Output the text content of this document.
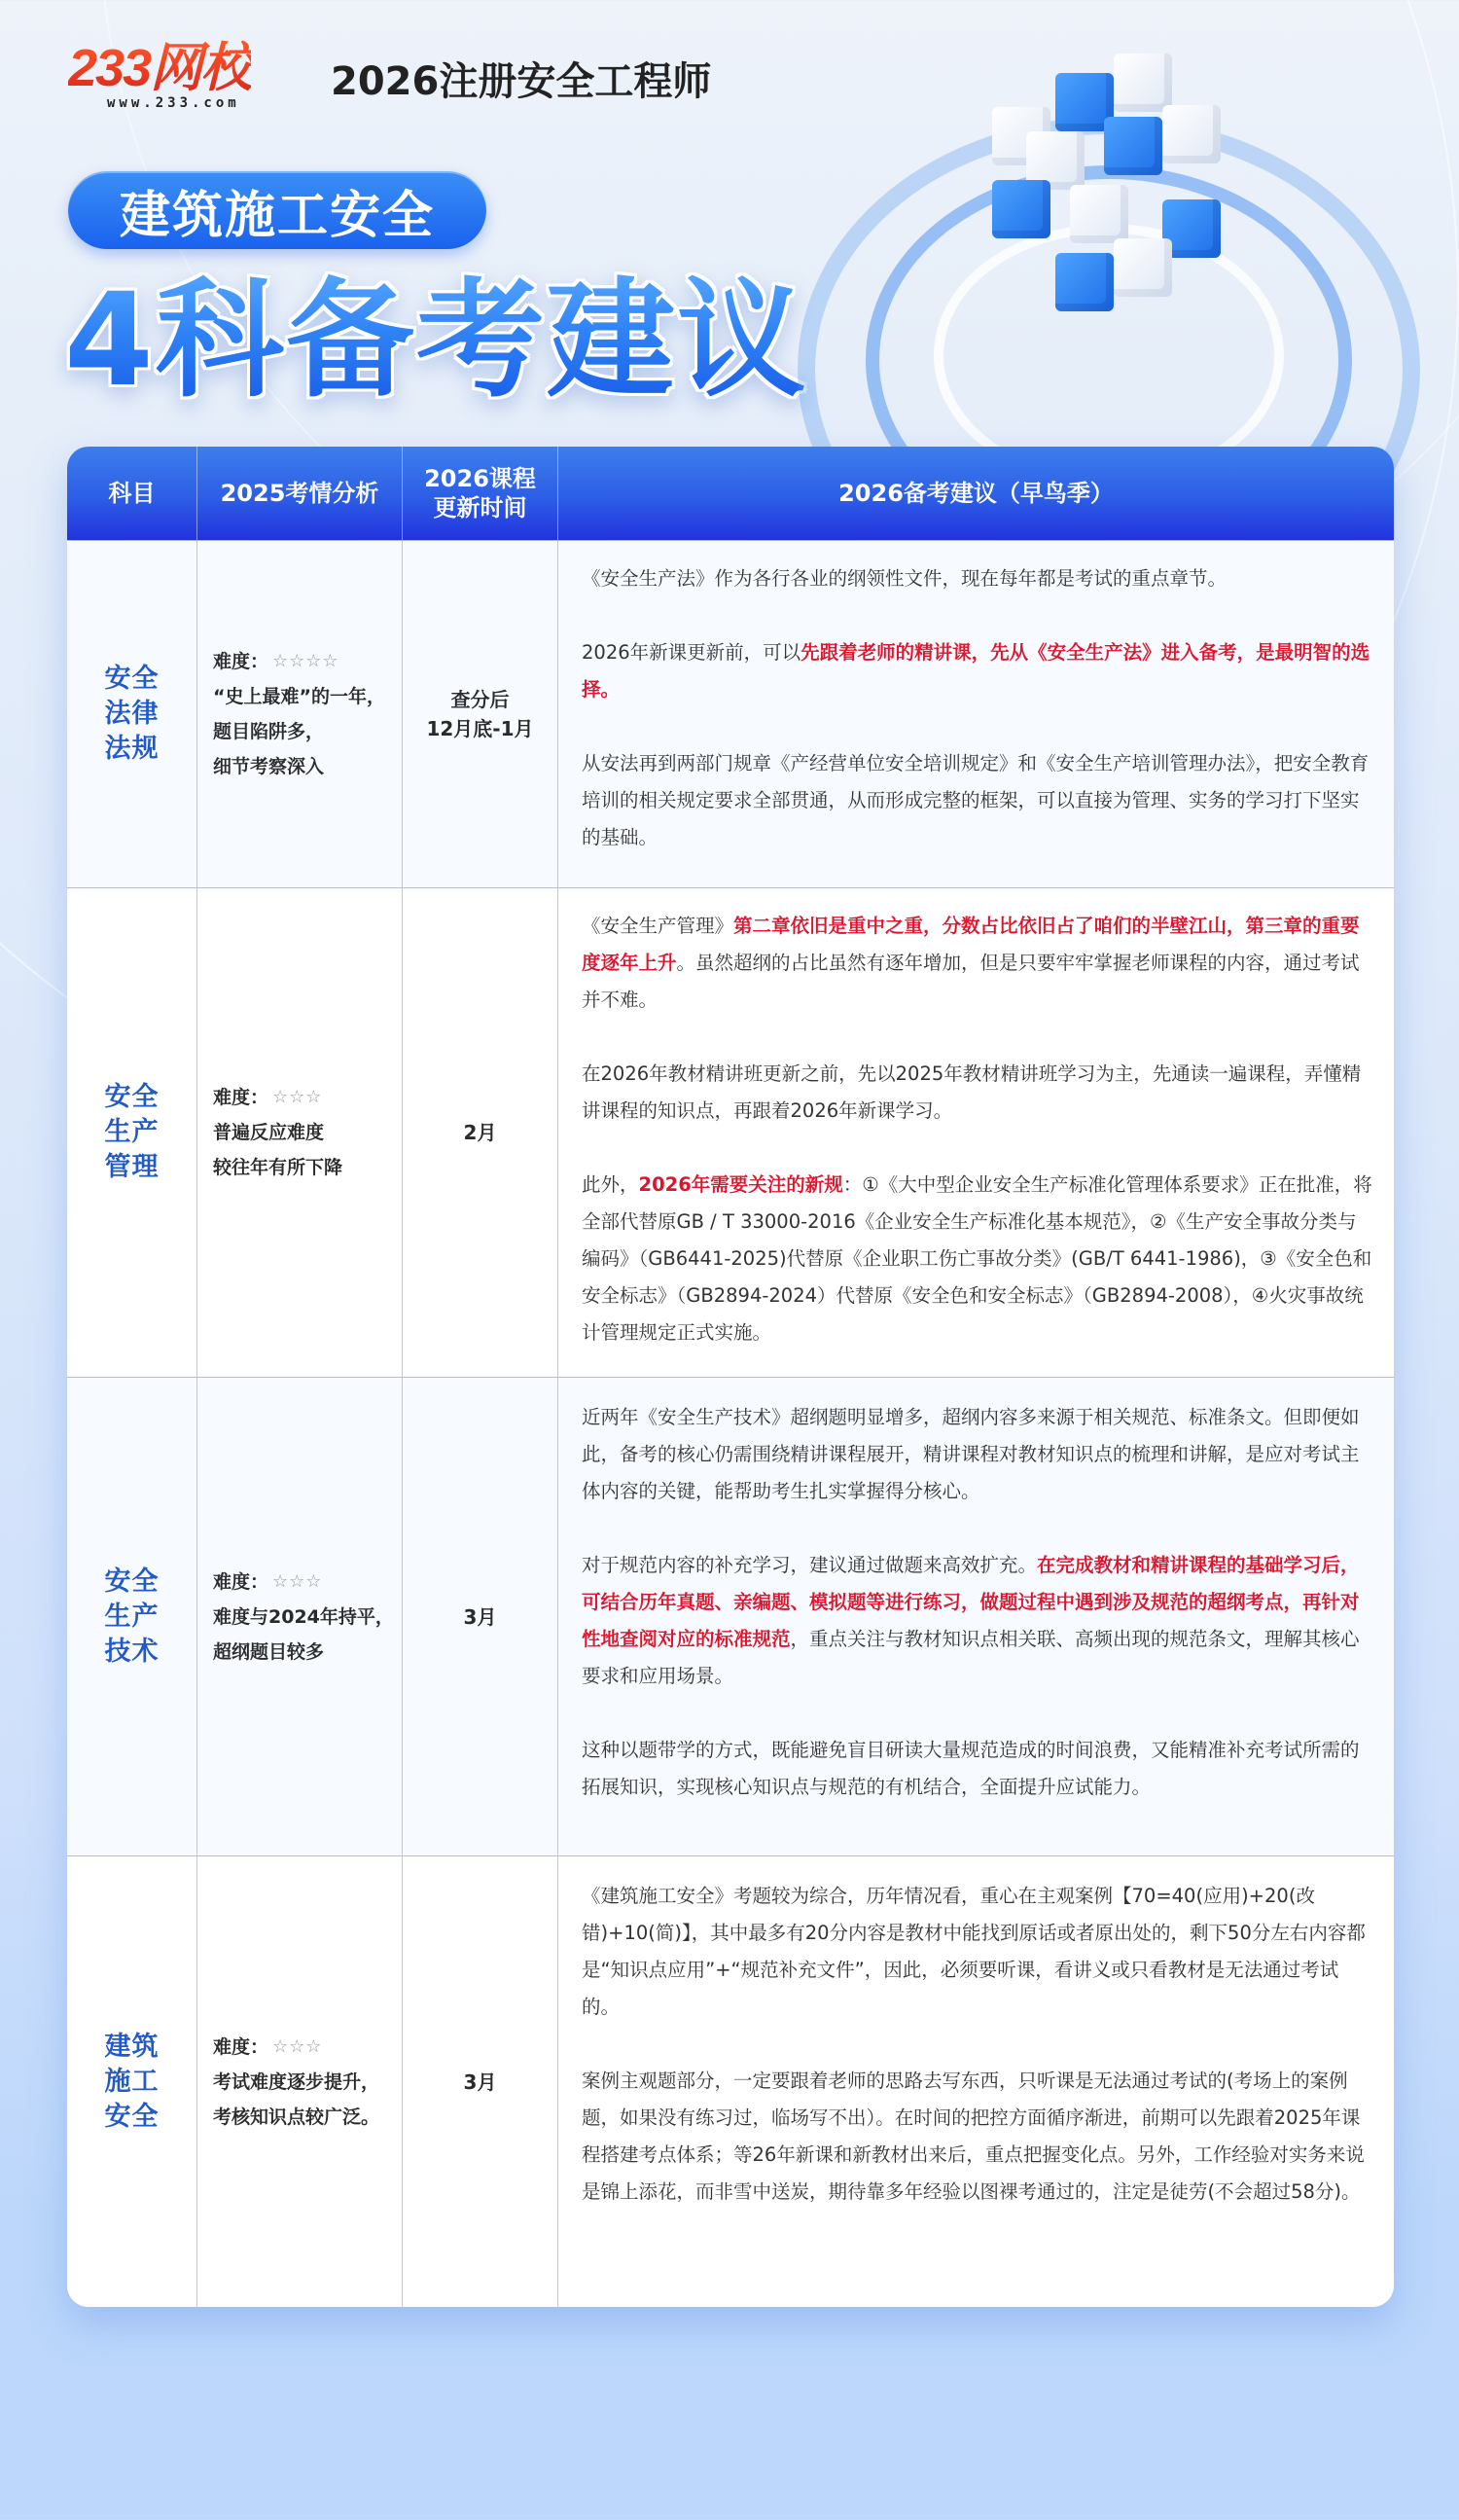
233网校
www.233.com 2026注册安全工程师
建筑施工安全
4科备考建议
科目	2025考情分析
2026课程
更新时间
2026备考建议（早鸟季）
安全法律法规
难度： ☆☆☆☆
“史上最难”的一年，
题目陷阱多，
细节考察深入
查分后
12月底-1月

《安全生产法》作为各行各业的纲领性文件，现在每年都是考试的重点章节。

2026年新课更新前，可以先跟着老师的精讲课，先从《安全生产法》进入备考，是最明智的选择。

从安法再到两部门规章《产经营单位安全培训规定》和《安全生产培训管理办法》，把安全教育培训的相关规定要求全部贯通，从而形成完整的框架，可以直接为管理、实务的学习打下坚实的基础。

安全生产管理
难度： ☆☆☆
普遍反应难度
较往年有所下降
2月

《安全生产管理》第二章依旧是重中之重，分数占比依旧占了咱们的半壁江山，第三章的重要度逐年上升。虽然超纲的占比虽然有逐年增加，但是只要牢牢掌握老师课程的内容，通过考试并不难。

在2026年教材精讲班更新之前，先以2025年教材精讲班学习为主，先通读一遍课程，弄懂精讲课程的知识点，再跟着2026年新课学习。

此外，2026年需要关注的新规：①《大中型企业安全生产标准化管理体系要求》正在批准，将全部代替原GB / T 33000-2016《企业安全生产标准化基本规范》，②《生产安全事故分类与编码》（GB6441-2025)代替原《企业职工伤亡事故分类》(GB/T 6441-1986)，③《安全色和安全标志》（GB2894-2024）代替原《安全色和安全标志》（GB2894-2008），④火灾事故统计管理规定正式实施。

安全生产技术
难度： ☆☆☆
难度与2024年持平，
超纲题目较多
3月

近两年《安全生产技术》超纲题明显增多，超纲内容多来源于相关规范、标准条文。但即便如此，备考的核心仍需围绕精讲课程展开，精讲课程对教材知识点的梳理和讲解，是应对考试主体内容的关键，能帮助考生扎实掌握得分核心。

对于规范内容的补充学习，建议通过做题来高效扩充。在完成教材和精讲课程的基础学习后，可结合历年真题、亲编题、模拟题等进行练习，做题过程中遇到涉及规范的超纲考点，再针对性地查阅对应的标准规范，重点关注与教材知识点相关联、高频出现的规范条文，理解其核心要求和应用场景。

这种以题带学的方式，既能避免盲目研读大量规范造成的时间浪费，又能精准补充考试所需的拓展知识，实现核心知识点与规范的有机结合，全面提升应试能力。

建筑施工安全
难度： ☆☆☆
考试难度逐步提升，
考核知识点较广泛。
3月

《建筑施工安全》考题较为综合，历年情况看，重心在主观案例【70=40(应用)+20(改错)+10(简)】，其中最多有20分内容是教材中能找到原话或者原出处的，剩下50分左右内容都是“知识点应用”+“规范补充文件”，因此，必须要听课，看讲义或只看教材是无法通过考试的。

案例主观题部分，一定要跟着老师的思路去写东西，只听课是无法通过考试的(考场上的案例题，如果没有练习过，临场写不出）。在时间的把控方面循序渐进，前期可以先跟着2025年课程搭建考点体系；等26年新课和新教材出来后，重点把握变化点。另外，工作经验对实务来说是锦上添花，而非雪中送炭，期待靠多年经验以图裸考通过的，注定是徒劳(不会超过58分)。
